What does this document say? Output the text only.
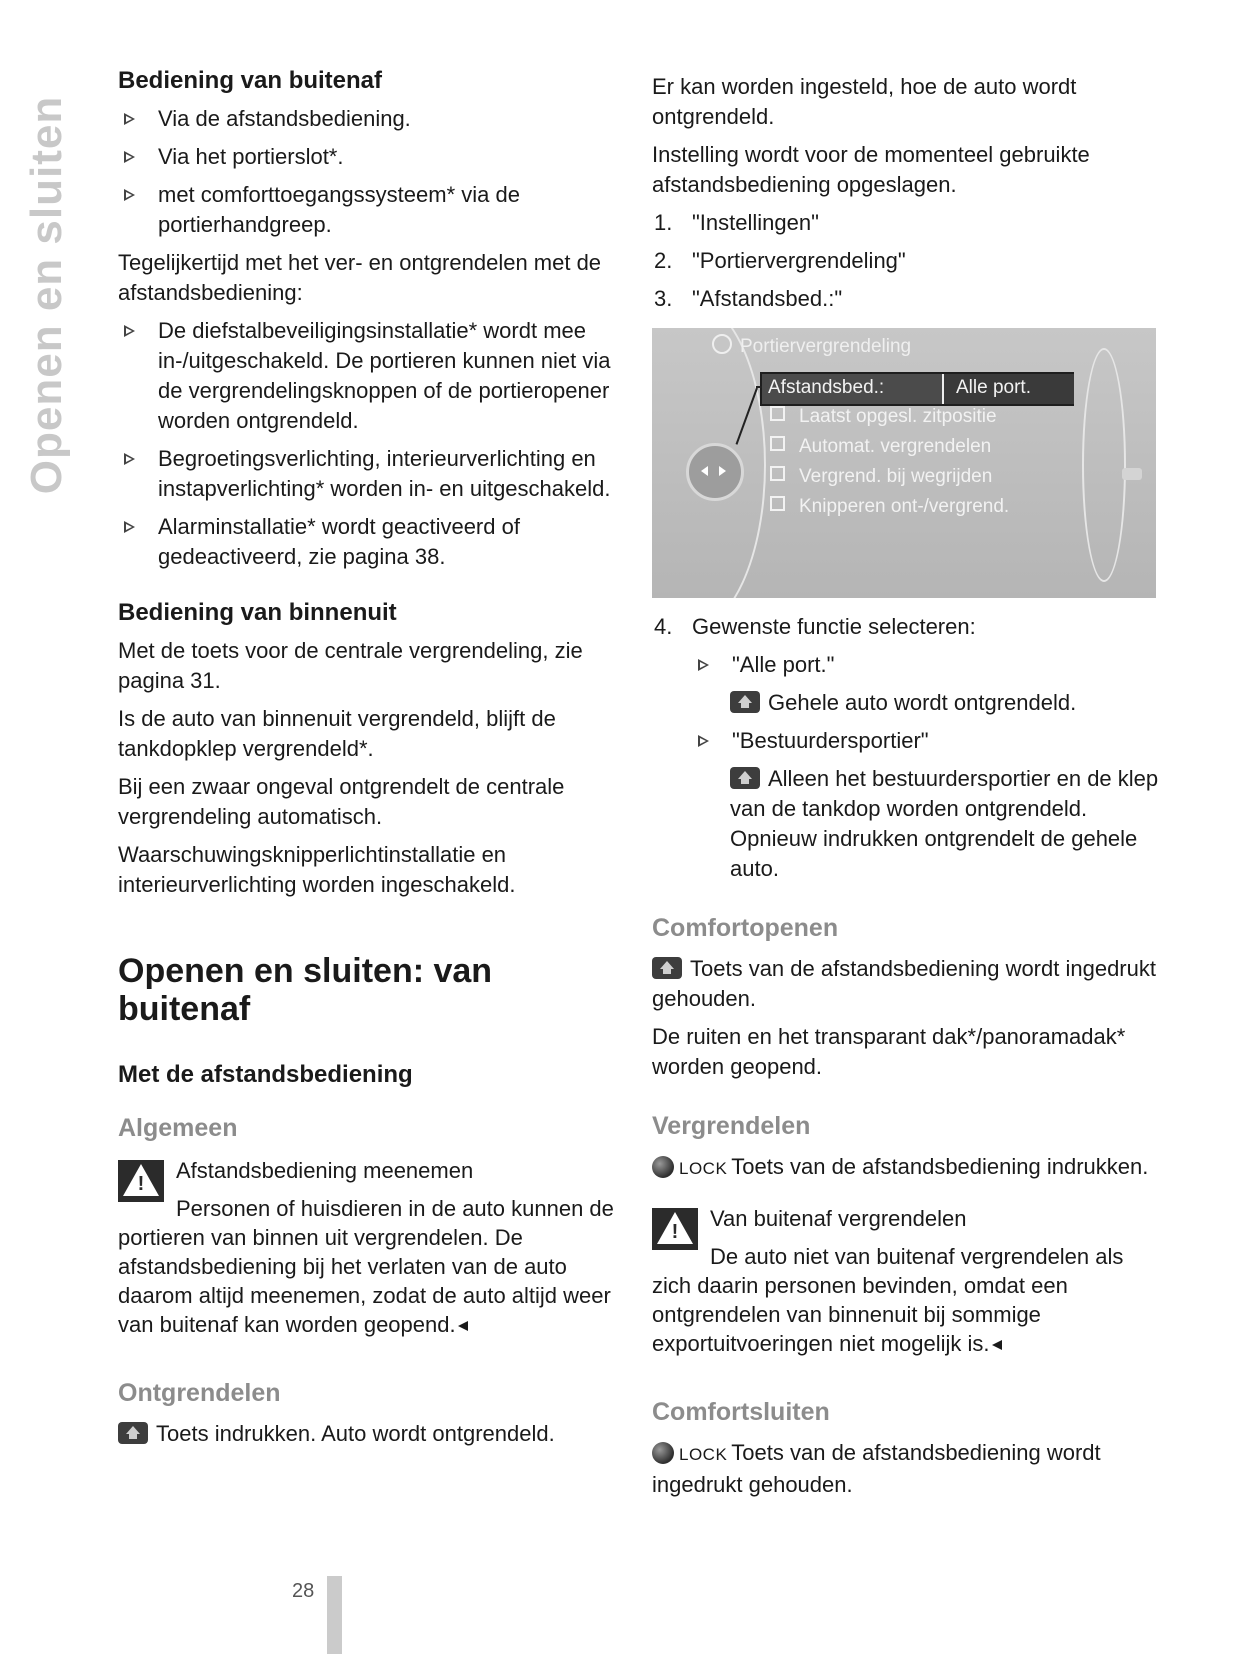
Openen en sluiten
Bediening van buitenaf
Via de afstandsbediening.
Via het portierslot*.
met comforttoegangssysteem* via de portierhandgreep.

Tegelijkertijd met het ver- en ontgrendelen met de afstandsbediening:

De diefstalbeveiligingsinstallatie* wordt mee in-/uitgeschakeld. De portieren kunnen niet via de vergrendelingsknoppen of de portieropener worden ontgrendeld.
Begroetingsverlichting, interieurverlichting en instapverlichting* worden in- en uitgeschakeld.
Alarminstallatie* wordt geactiveerd of gedeactiveerd, zie pagina 38.
Bediening van binnenuit

Met de toets voor de centrale vergrendeling, zie pagina 31.

Is de auto van binnenuit vergrendeld, blijft de tankdopklep vergrendeld*.

Bij een zwaar ongeval ontgrendelt de centrale vergrendeling automatisch.

Waarschuwingsknipperlichtinstallatie en interieurverlichting worden ingeschakeld.

Openen en sluiten: van buitenaf
Met de afstandsbediening
Algemeen
!
Afstandsbediening meenemen

Personen of huisdieren in de auto kunnen de portieren van binnen uit vergrendelen. De afstandsbediening bij het verlaten van de auto daarom altijd meenemen, zodat de auto altijd weer van buitenaf kan worden geopend.

Ontgrendelen

Toets indrukken. Auto wordt ontgrendeld.

Er kan worden ingesteld, hoe de auto wordt ontgrendeld.

Instelling wordt voor de momenteel gebruikte afstandsbediening opgeslagen.

1. "Instellingen"
2. "Portiervergrendeling"
3. "Afstandsbed.:"
Portiervergrendeling
Afstandsbed.:	Alle port.
Laatst opgesl. zitpositie
Automat. vergrendelen
Vergrend. bij wegrijden
Knipperen ont-/vergrend.
4. Gewenste functie selecteren:
"Alle port."

Gehele auto wordt ontgrendeld.

"Bestuurdersportier"

Alleen het bestuurdersportier en de klep van de tankdop worden ontgrendeld. Opnieuw indrukken ontgrendelt de gehele auto.

Comfortopenen

Toets van de afstandsbediening wordt ingedrukt gehouden.

De ruiten en het transparant dak*/panoramadak* worden geopend.

Vergrendelen

LOCK Toets van de afstandsbediening indrukken.

!
Van buitenaf vergrendelen

De auto niet van buitenaf vergrendelen als zich daarin personen bevinden, omdat een ontgrendelen van binnenuit bij sommige exportuitvoeringen niet mogelijk is.

Comfortsluiten

LOCK Toets van de afstandsbediening wordt ingedrukt gehouden.

28
